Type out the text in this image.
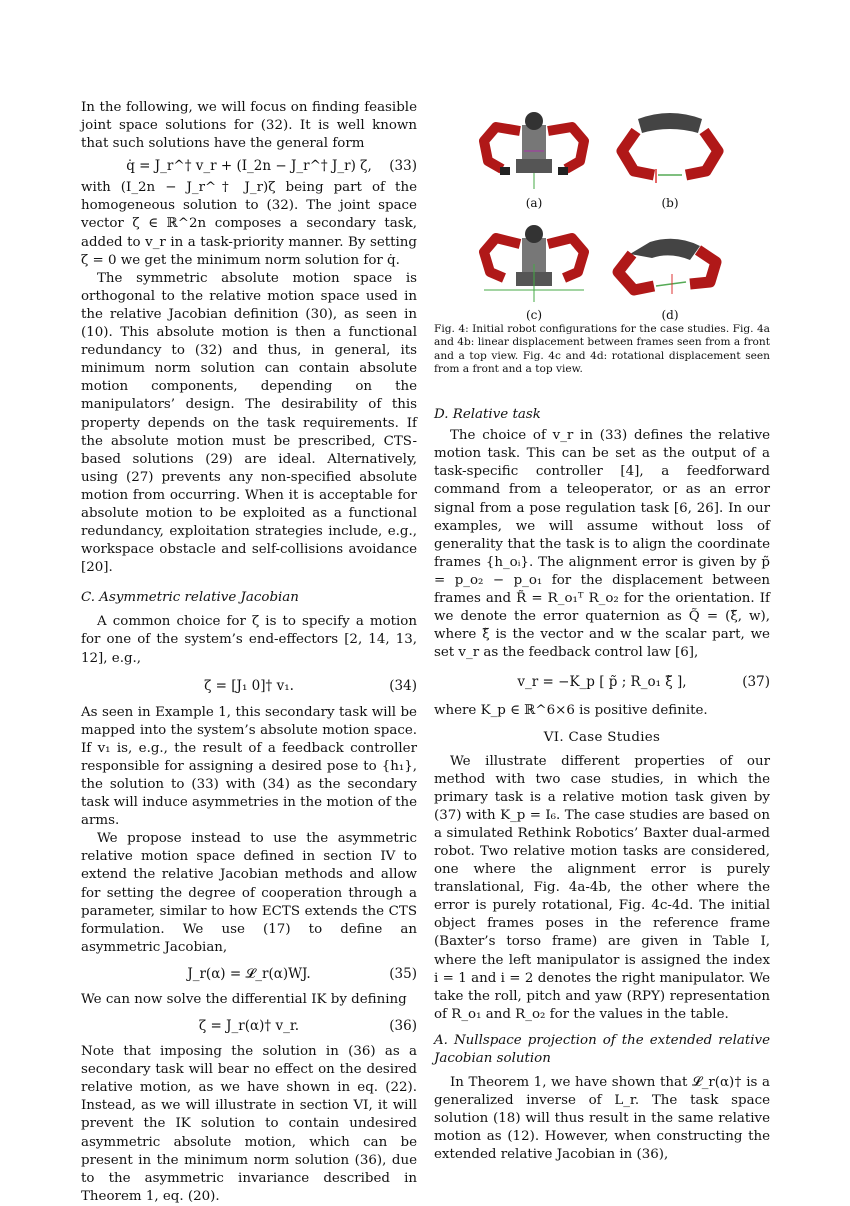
In the following, we will focus on finding feasible joint space solutions for (32). It is well known that such solutions have the general form

q̇ = J_r^† v_r + (I_2n − J_r^† J_r) ζ, (33)

with (I_2n − J_r^† J_r)ζ being part of the homogeneous solution to (32). The joint space vector ζ ∈ ℝ^2n composes a secondary task, added to v_r in a task-priority manner. By setting ζ = 0 we get the minimum norm solution for q̇.

The symmetric absolute motion space is orthogonal to the relative motion space used in the relative Jacobian definition (30), as seen in (10). This absolute motion is then a functional redundancy to (32) and thus, in general, its minimum norm solution can contain absolute motion components, depending on the manipulators’ design. The desirability of this property depends on the task requirements. If the absolute motion must be prescribed, CTS-based solutions (29) are ideal. Alternatively, using (27) prevents any non-specified absolute motion from occurring. When it is acceptable for absolute motion to be exploited as a functional redundancy, exploitation strategies include, e.g., workspace obstacle and self-collisions avoidance [20].

C. Asymmetric relative Jacobian

A common choice for ζ is to specify a motion for one of the system’s end-effectors [2, 14, 13, 12], e.g.,

ζ = [J₁ 0]† v₁.	(34)

As seen in Example 1, this secondary task will be mapped into the system’s absolute motion space. If v₁ is, e.g., the result of a feedback controller responsible for assigning a desired pose to {h₁}, the solution to (33) with (34) as the secondary task will induce asymmetries in the motion of the arms.

We propose instead to use the asymmetric relative motion space defined in section IV to extend the relative Jacobian methods and allow for setting the degree of cooperation through a parameter, similar to how ECTS extends the CTS formulation. We use (17) to define an asymmetric Jacobian,

J_r(α) = 𝓛_r(α)WJ.	(35)

We can now solve the differential IK by defining

ζ = J_r(α)† v_r.	(36)

Note that imposing the solution in (36) as a secondary task will bear no effect on the desired relative motion, as we have shown in eq. (22). Instead, as we will illustrate in section VI, it will prevent the IK solution to contain undesired asymmetric absolute motion, which can be present in the minimum norm solution (36), due to the asymmetric invariance described in Theorem 1, eq. (20).

(a)	(b)
(c)	(d)

Fig. 4: Initial robot configurations for the case studies. Fig. 4a and 4b: linear displacement between frames seen from a front and a top view. Fig. 4c and 4d: rotational displacement seen from a front and a top view.

D. Relative task

The choice of v_r in (33) defines the relative motion task. This can be set as the output of a task-specific controller [4], a feedforward command from a teleoperator, or as an error signal from a pose regulation task [6, 26]. In our examples, we will assume without loss of generality that the task is to align the coordinate frames {h_oᵢ}. The alignment error is given by p̃ = p_o₂ − p_o₁ for the displacement between frames and R̃ = R_o₁ᵀ R_o₂ for the orientation. If we denote the error quaternion as Q̃ = (ξ̃, w), where ξ̃ is the vector and w the scalar part, we set v_r as the feedback control law [6],

v_r = −K_p [ p̃ ; R_o₁ ξ̃ ],	(37)

where K_p ∈ ℝ^6×6 is positive definite.

VI. Case Studies

We illustrate different properties of our method with two case studies, in which the primary task is a relative motion task given by (37) with K_p = I₆. The case studies are based on a simulated Rethink Robotics’ Baxter dual-armed robot. Two relative motion tasks are considered, one where the alignment error is purely translational, Fig. 4a-4b, the other where the error is purely rotational, Fig. 4c-4d. The initial object frames poses in the reference frame (Baxter’s torso frame) are given in Table I, where the left manipulator is assigned the index i = 1 and i = 2 denotes the right manipulator. We take the roll, pitch and yaw (RPY) representation of R_o₁ and R_o₂ for the values in the table.

A. Nullspace projection of the extended relative Jacobian solution

In Theorem 1, we have shown that 𝓛_r(α)† is a generalized inverse of L_r. The task space solution (18) will thus result in the same relative motion as (12). However, when constructing the extended relative Jacobian in (36),
